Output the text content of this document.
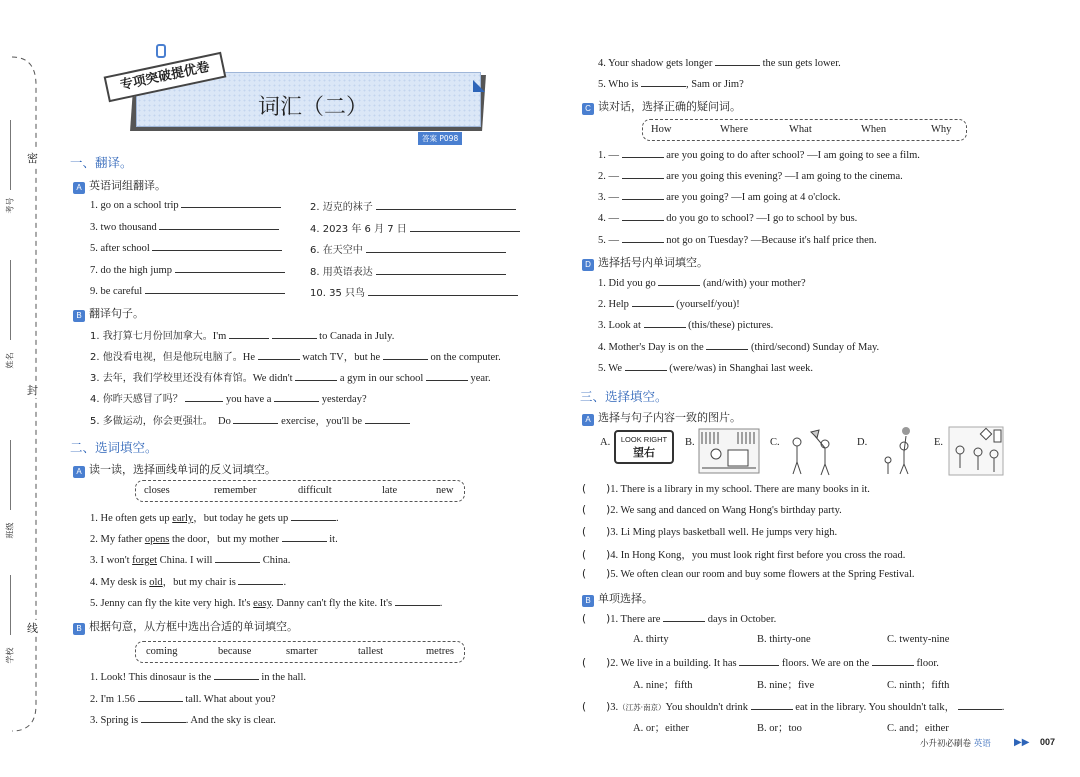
考号
姓名
班级
学校
密
封
线
词汇（二）
专项突破提优卷
答案 P098
一、翻译。
A 英语词组翻译。
1. go on a school trip	2. 迈克的袜子
3. two thousand	4. 2023 年 6 月 7 日
5. after school	6. 在天空中
7. do the high jump	8. 用英语表达
9. be careful	10. 35 只鸟
B 翻译句子。
1. 我打算七月份回加拿大。I'm	to Canada in July.
2. 他没看电视，但是他玩电脑了。He	watch TV，but he	on the computer.
3. 去年，我们学校里还没有体育馆。We didn't	a gym in our school	year.
4. 你昨天感冒了吗？	you have a	yesterday?
5. 多做运动，你会更强壮。 Do	exercise，you'll be
二、选词填空。
A 读一读，选择画线单词的反义词填空。
closes	remember	difficult	late	new
1. He often gets up early，but today he gets up	.
2. My father opens the door，but my mother	it.
3. I won't forget China. I will	China.
4. My desk is old，but my chair is	.
5. Jenny can fly the kite very high. It's easy. Danny can't fly the kite. It's	.
B 根据句意，从方框中选出合适的单词填空。
coming	because	smarter	tallest	metres
1. Look! This dinosaur is the	in the hall.
2. I'm 1.56	tall. What about you?
3. Spring is	. And the sky is clear.
4. Your shadow gets longer	the sun gets lower.
5. Who is	, Sam or Jim?
C 读对话，选择正确的疑问词。
How	Where	What	When	Why
1. —	are you going to do after school? —I am going to see a film.
2. —	are you going this evening? —I am going to the cinema.
3. —	are you going? —I am going at 4 o'clock.
4. —	do you go to school? —I go to school by bus.
5. —	not go on Tuesday? —Because it's half price then.
D 选择括号内单词填空。
1. Did you go	(and/with) your mother?
2. Help	(yourself/you)!
3. Look at	(this/these) pictures.
4. Mother's Day is on the	(third/second) Sunday of May.
5. We	(were/was) in Shanghai last week.
三、选择填空。
A 选择与句子内容一致的图片。
A.	LOOK RIGHT
望右
B.	C.	D.	E.
(      )1. There is a library in my school. There are many books in it.
(      )2. We sang and danced on Wang Hong's birthday party.
(      )3. Li Ming plays basketball well. He jumps very high.
(      )4. In Hong Kong，you must look right first before you cross the road.
(      )5. We often clean our room and buy some flowers at the Spring Festival.
B 单项选择。
(      )1. There are	days in October.
A. thirty	B. thirty-one	C. twenty-nine
(      )2. We live in a building. It has	floors. We are on the	floor.
A. nine；fifth	B. nine；five	C. ninth；fifth
(      )3.（江苏·南京）You shouldn't drink	eat in the library. You shouldn't talk，	.
A. or；either	B. or；too	C. and；either
小升初必刷卷 英语 ▶▶ 007
